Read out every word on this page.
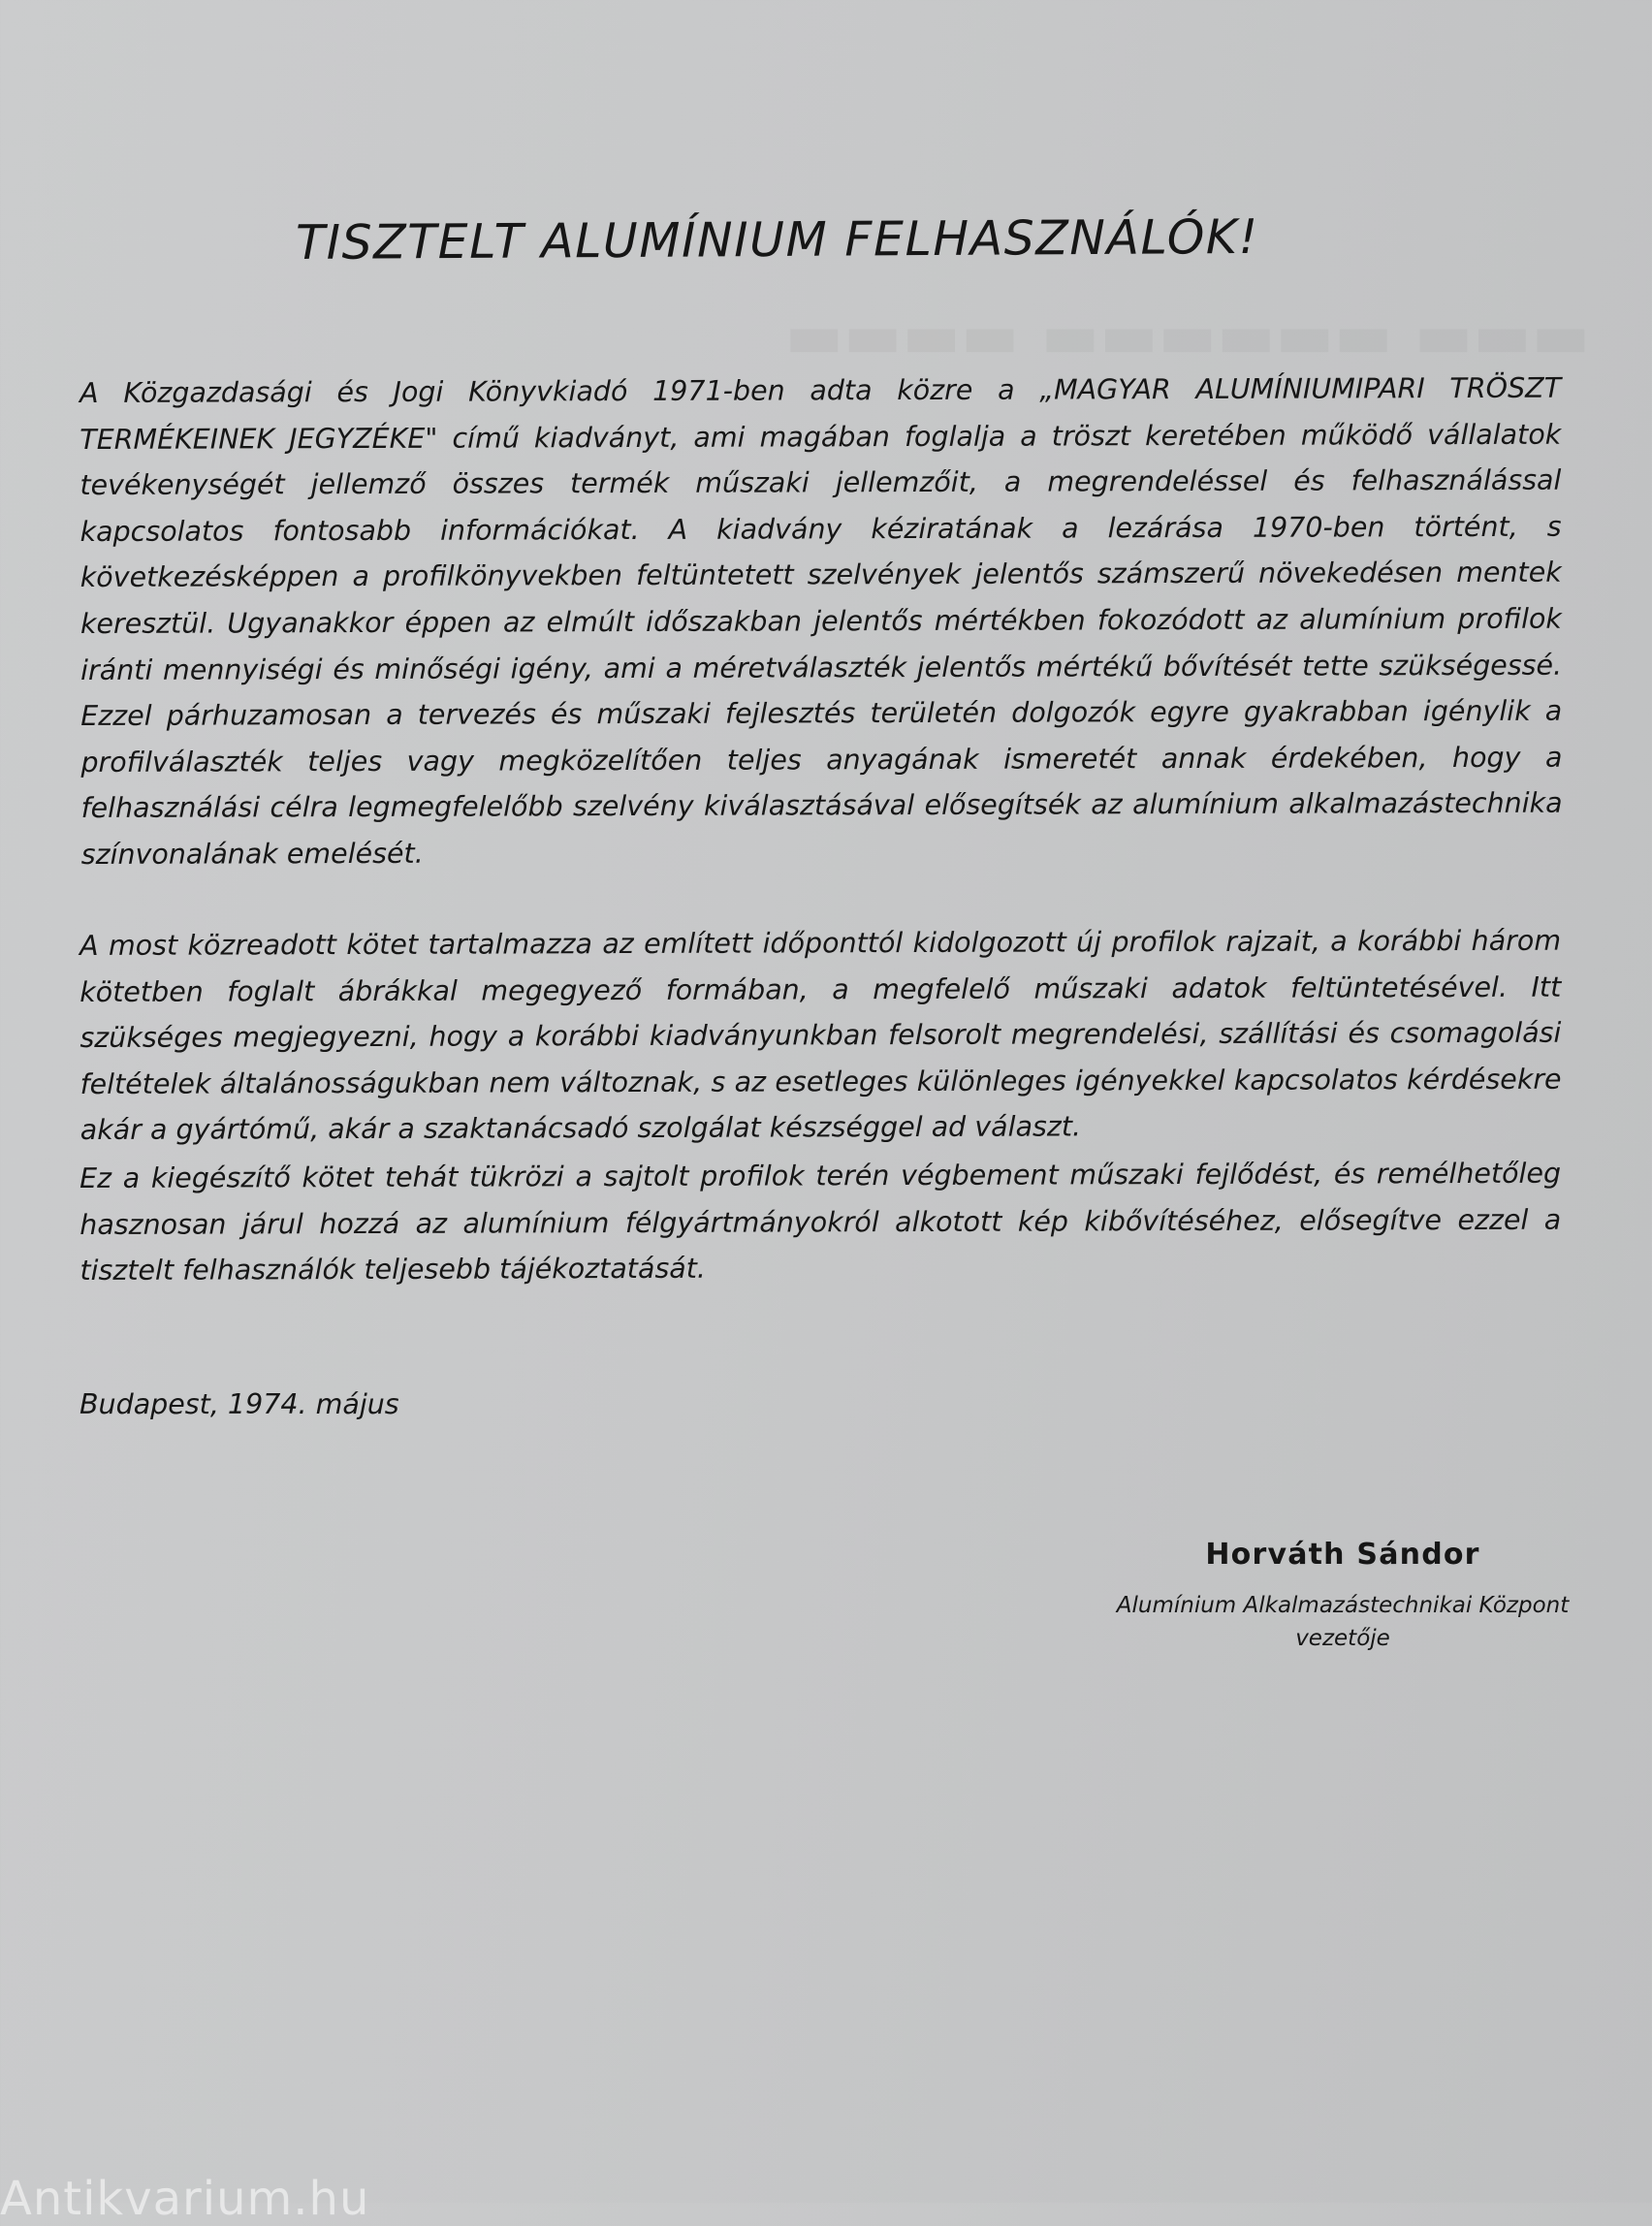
TISZTELT ALUMÍNIUM FELHASZNÁLÓK!

A Közgazdasági és Jogi Könyvkiadó 1971-ben adta közre a „MAGYAR ALUMÍNIUMIPARI TRÖSZT TERMÉKEINEK JEGYZÉKE" című kiadványt, ami magában foglalja a tröszt keretében működő vállalatok tevékenységét jellemző összes termék műszaki jellemzőit, a megrendeléssel és felhasználással kapcsolatos fontosabb információkat. A kiadvány kéziratának a lezárása 1970-ben történt, s következésképpen a profilkönyvekben feltüntetett szelvények jelentős számszerű növekedésen mentek keresztül. Ugyanakkor éppen az elmúlt időszakban jelentős mértékben fokozódott az alumínium profilok iránti mennyiségi és minőségi igény, ami a méretválaszték jelentős mértékű bővítését tette szükségessé. Ezzel párhuzamosan a tervezés és műszaki fejlesztés területén dolgozók egyre gyakrabban igénylik a profilválaszték teljes vagy megközelítően teljes anyagának ismeretét annak érdekében, hogy a felhasználási célra legmegfelelőbb szelvény kiválasztásával elősegítsék az alumínium alkalmazástechnika színvonalának emelését.

A most közreadott kötet tartalmazza az említett időponttól kidolgozott új profilok rajzait, a korábbi három kötetben foglalt ábrákkal megegyező formában, a megfelelő műszaki adatok feltüntetésével. Itt szükséges megjegyezni, hogy a korábbi kiadványunkban felsorolt megrendelési, szállítási és csomagolási feltételek általánosságukban nem változnak, s az esetleges különleges igényekkel kapcsolatos kérdésekre akár a gyártómű, akár a szaktanácsadó szolgálat készséggel ad választ.

Ez a kiegészítő kötet tehát tükrözi a sajtolt profilok terén végbement műszaki fejlődést, és remélhetőleg hasznosan járul hozzá az alumínium félgyártmányokról alkotott kép kibővítéséhez, elősegítve ezzel a tisztelt felhasználók teljesebb tájékoztatását.

Budapest, 1974. május

Horváth Sándor

Alumínium Alkalmazástechnikai Központ

vezetője

Antikvarium.hu
